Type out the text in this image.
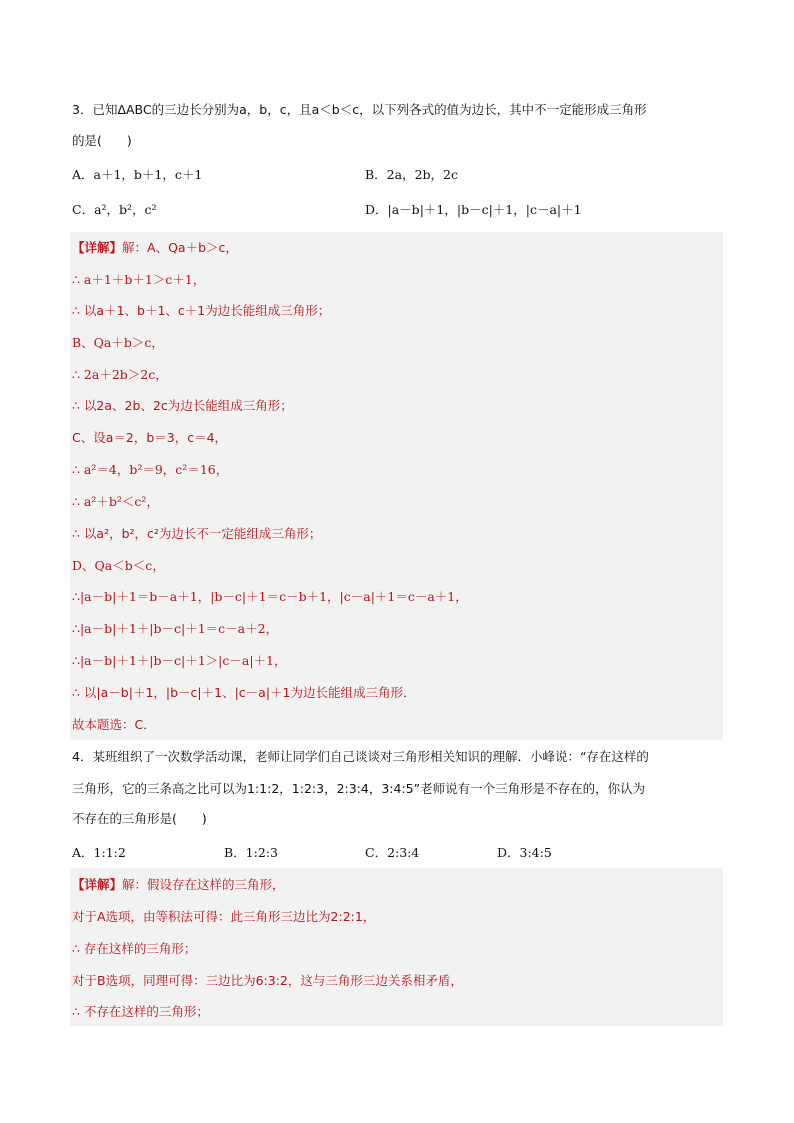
3．已知ΔABC的三边长分别为a，b，c，且a＜b＜c，以下列各式的值为边长，其中不一定能形成三角形
的是(　　)
A．a＋1，b＋1，c＋1	B．2a，2b，2c
C．a²，b²，c²	D．|a－b|＋1，|b－c|＋1，|c－a|＋1
【详解】解：A、Qa＋b＞c，
∴ a＋1＋b＋1＞c＋1，
∴ 以a＋1、b＋1、c＋1为边长能组成三角形；
B、Qa＋b＞c，
∴ 2a＋2b＞2c，
∴ 以2a、2b、2c为边长能组成三角形；
C、设a＝2，b＝3，c＝4，
∴ a²＝4，b²＝9，c²＝16，
∴ a²＋b²＜c²，
∴ 以a²，b²，c²为边长不一定能组成三角形；
D、Qa＜b＜c，
∴|a－b|＋1＝b－a＋1，|b－c|＋1＝c－b＋1，|c－a|＋1＝c－a＋1，
∴|a－b|＋1＋|b－c|＋1＝c－a＋2，
∴|a－b|＋1＋|b－c|＋1＞|c－a|＋1，
∴ 以|a－b|＋1，|b－c|＋1、|c－a|＋1为边长能组成三角形．
故本题选：C．
4．某班组织了一次数学活动课，老师让同学们自己谈谈对三角形相关知识的理解．小峰说：“存在这样的
三角形，它的三条高之比可以为1:1:2，1:2:3，2:3:4，3:4:5”老师说有一个三角形是不存在的，你认为
不存在的三角形是(　　)
A．1:1:2	B．1:2:3	C．2:3:4	D．3:4:5
【详解】解：假设存在这样的三角形，
对于A选项，由等积法可得：此三角形三边比为2:2:1，
∴ 存在这样的三角形；
对于B选项，同理可得：三边比为6:3:2，这与三角形三边关系相矛盾，
∴ 不存在这样的三角形；
